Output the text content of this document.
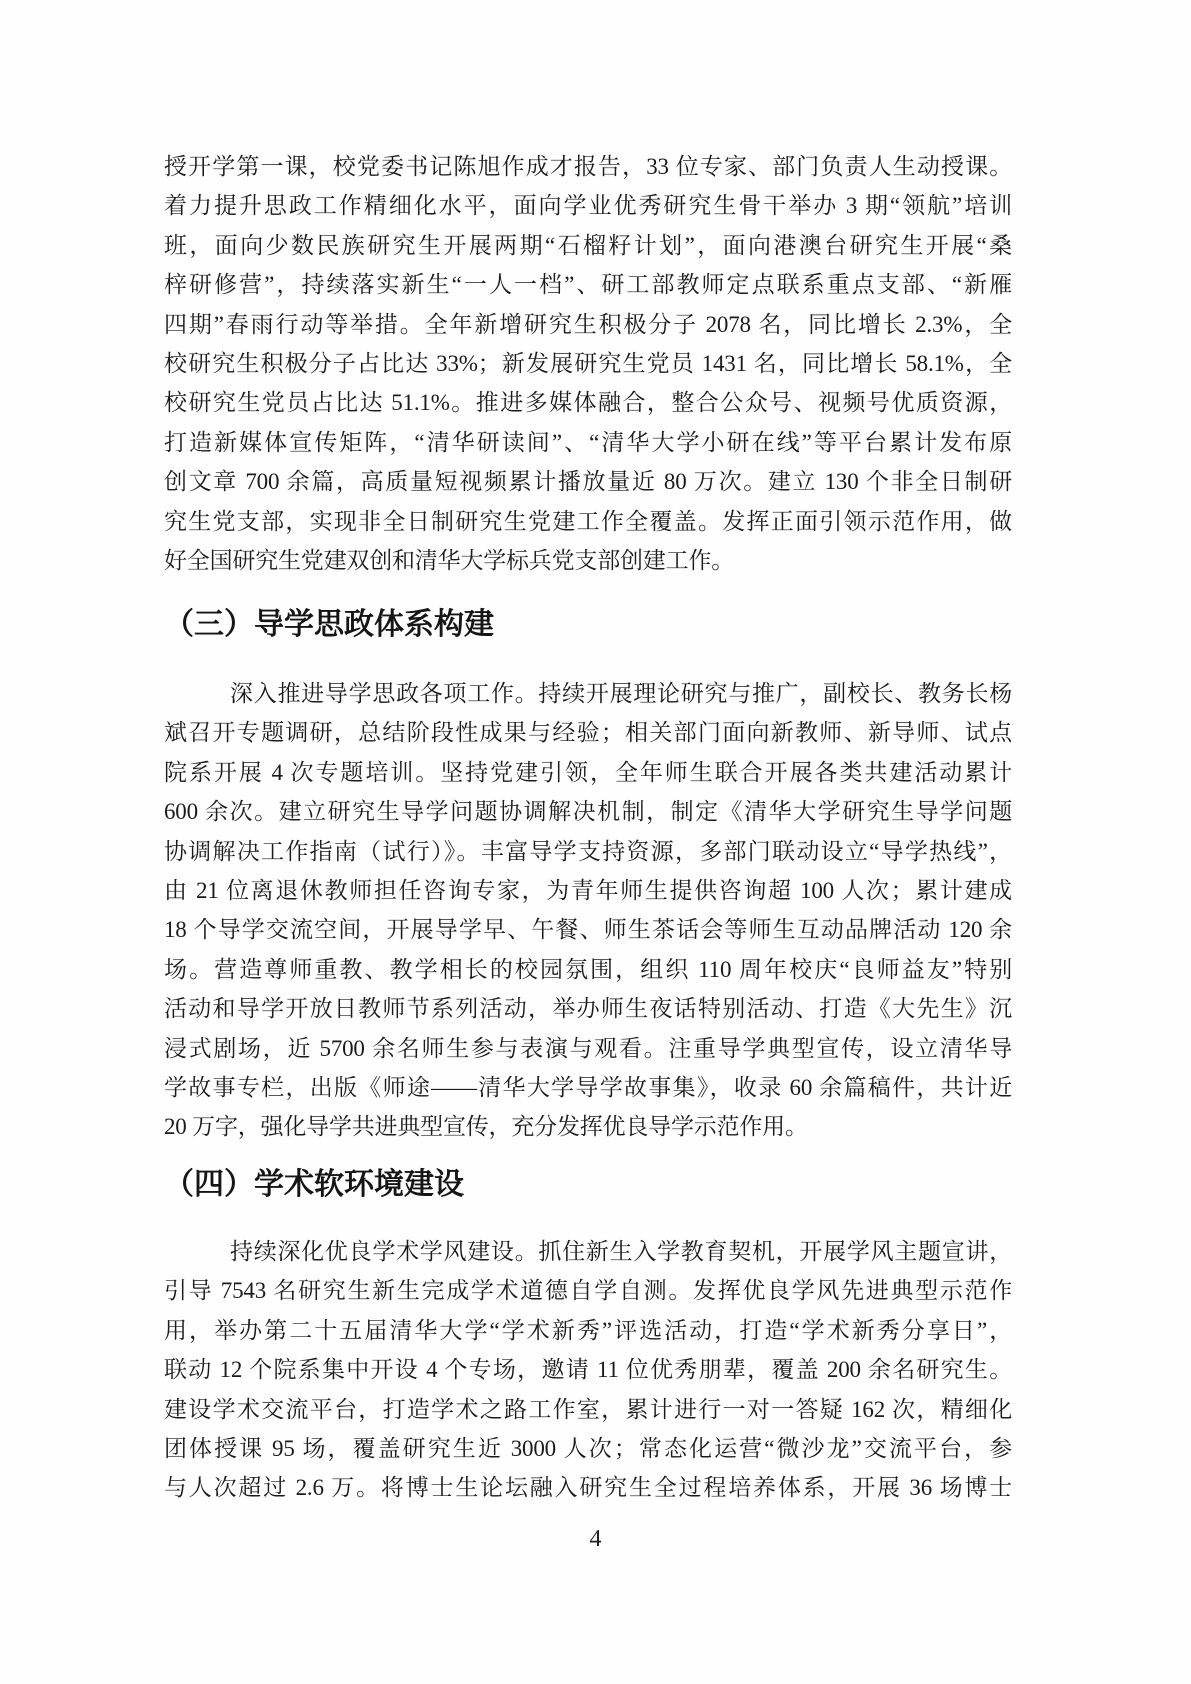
授开学第一课，校党委书记陈旭作成才报告，33 位专家、部门负责人生动授课。
着力提升思政工作精细化水平，面向学业优秀研究生骨干举办 3 期“领航”培训
班，面向少数民族研究生开展两期“石榴籽计划”，面向港澳台研究生开展“桑
梓研修营”，持续落实新生“一人一档”、研工部教师定点联系重点支部、“新雁
四期”春雨行动等举措。全年新增研究生积极分子 2078 名，同比增长 2.3%，全
校研究生积极分子占比达 33%；新发展研究生党员 1431 名，同比增长 58.1%，全
校研究生党员占比达 51.1%。推进多媒体融合，整合公众号、视频号优质资源，
打造新媒体宣传矩阵，“清华研读间”、“清华大学小研在线”等平台累计发布原
创文章 700 余篇，高质量短视频累计播放量近 80 万次。建立 130 个非全日制研
究生党支部，实现非全日制研究生党建工作全覆盖。发挥正面引领示范作用，做
好全国研究生党建双创和清华大学标兵党支部创建工作。
（三）导学思政体系构建
深入推进导学思政各项工作。持续开展理论研究与推广，副校长、教务长杨
斌召开专题调研，总结阶段性成果与经验；相关部门面向新教师、新导师、试点
院系开展 4 次专题培训。坚持党建引领，全年师生联合开展各类共建活动累计
600 余次。建立研究生导学问题协调解决机制，制定《清华大学研究生导学问题
协调解决工作指南（试行）》。丰富导学支持资源，多部门联动设立“导学热线”，
由 21 位离退休教师担任咨询专家，为青年师生提供咨询超 100 人次；累计建成
18 个导学交流空间，开展导学早、午餐、师生茶话会等师生互动品牌活动 120 余
场。营造尊师重教、教学相长的校园氛围，组织 110 周年校庆“良师益友”特别
活动和导学开放日教师节系列活动，举办师生夜话特别活动、打造《大先生》沉
浸式剧场，近 5700 余名师生参与表演与观看。注重导学典型宣传，设立清华导
学故事专栏，出版《师途——清华大学导学故事集》，收录 60 余篇稿件，共计近
20 万字，强化导学共进典型宣传，充分发挥优良导学示范作用。
（四）学术软环境建设
持续深化优良学术学风建设。抓住新生入学教育契机，开展学风主题宣讲，
引导 7543 名研究生新生完成学术道德自学自测。发挥优良学风先进典型示范作
用，举办第二十五届清华大学“学术新秀”评选活动，打造“学术新秀分享日”，
联动 12 个院系集中开设 4 个专场，邀请 11 位优秀朋辈，覆盖 200 余名研究生。
建设学术交流平台，打造学术之路工作室，累计进行一对一答疑 162 次，精细化
团体授课 95 场，覆盖研究生近 3000 人次；常态化运营“微沙龙”交流平台，参
与人次超过 2.6 万。将博士生论坛融入研究生全过程培养体系，开展 36 场博士
4
